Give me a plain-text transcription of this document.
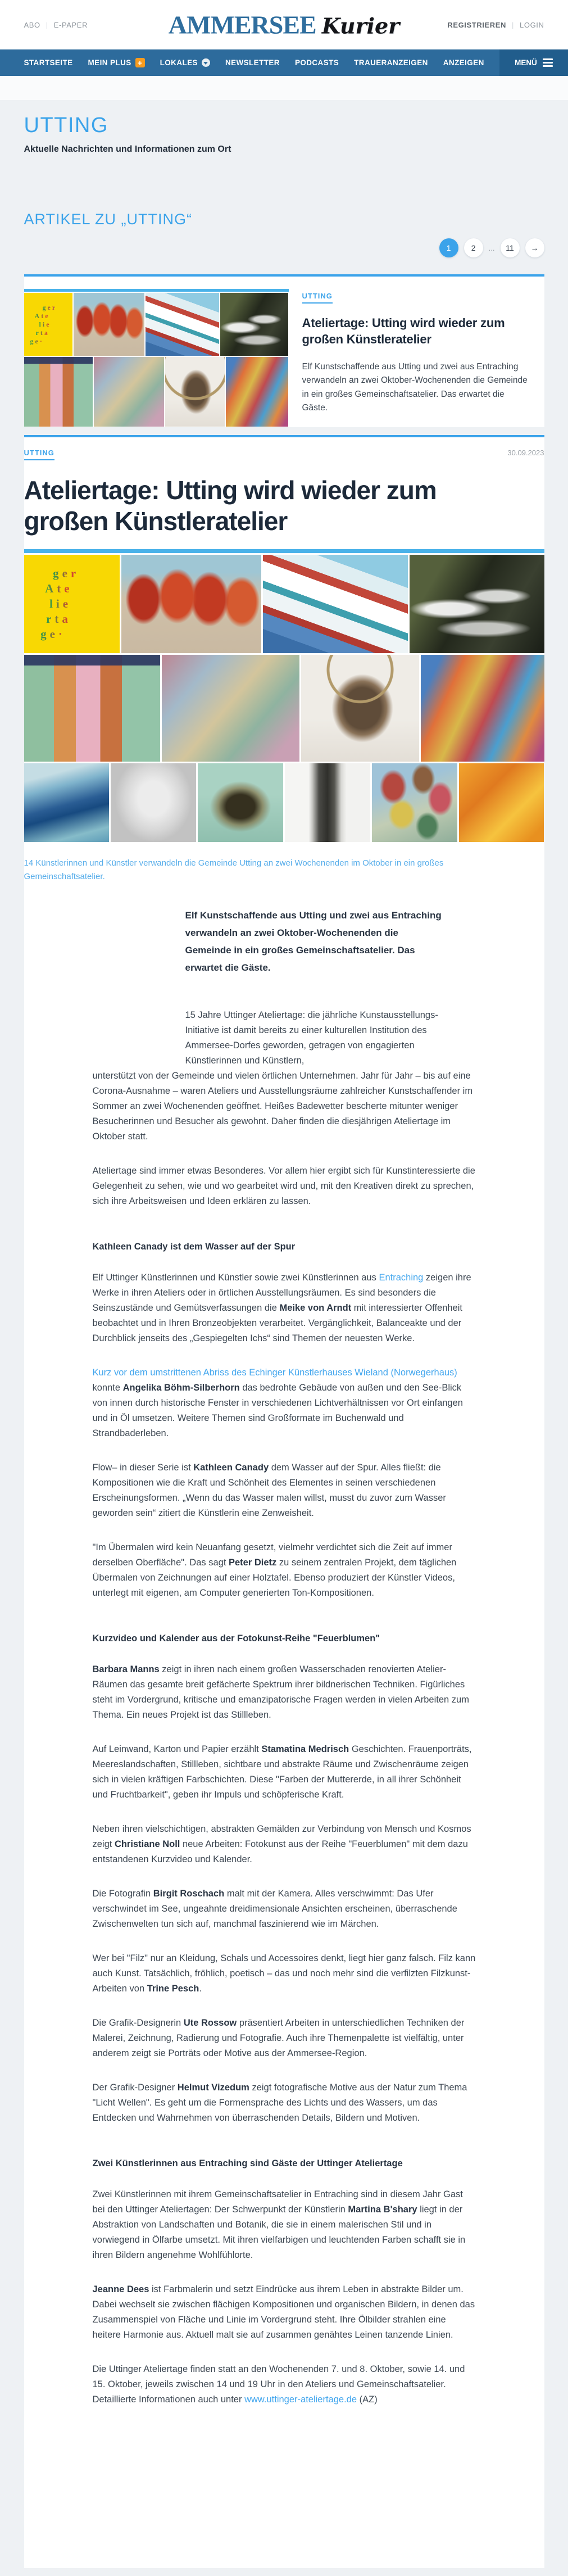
ABO | E-PAPER	AMMERSEE Kurier	REGISTRIEREN | LOGIN
STARTSEITE MEIN PLUS +	LOKALES	NEWSLETTER PODCASTS TRAUERANZEIGEN ANZEIGEN	MENÜ
UTTING
Aktuelle Nachrichten und Informationen zum Ort
ARTIKEL ZU „UTTING“
1	2	...	11	→
ger
Ate
lie
rta
ge·
UTTING
Ateliertage: Utting wird wieder zum großen Künstleratelier

Elf Kunstschaffende aus Utting und zwei aus Entraching verwandeln an zwei Oktober-Wochenenden die Gemeinde in ein großes Gemeinschaftsatelier. Das erwartet die Gäste.

UTTING	30.09.2023
Ateliertage: Utting wird wieder zum großen Künstleratelier
ger
Ate
lie
rta
ge·

14 Künstlerinnen und Künstler verwandeln die Gemeinde Utting an zwei Wochenenden im Oktober in ein großes Gemeinschaftsatelier.

Elf Kunstschaffende aus Utting und zwei aus Entraching verwandeln an zwei Oktober-Wochenenden die Gemeinde in ein großes Gemeinschaftsatelier. Das erwartet die Gäste.

15 Jahre Uttinger Ateliertage: die jährliche Kunstausstellungs-Initiative ist damit bereits zu einer kulturellen Institution des Ammersee-Dorfes geworden, getragen von engagierten Künstlerinnen und Künstlern,

unterstützt von der Gemeinde und vielen örtlichen Unternehmen. Jahr für Jahr – bis auf eine Corona-Ausnahme – waren Ateliers und Ausstellungsräume zahlreicher Kunstschaffender im Sommer an zwei Wochenenden geöffnet. Heißes Badewetter bescherte mitunter weniger Besucherinnen und Besucher als gewohnt. Daher finden die diesjährigen Ateliertage im Oktober statt.

Ateliertage sind immer etwas Besonderes. Vor allem hier ergibt sich für Kunstinteressierte die Gelegenheit zu sehen, wie und wo gearbeitet wird und, mit den Kreativen direkt zu sprechen, sich ihre Arbeitsweisen und Ideen erklären zu lassen.

Kathleen Canady ist dem Wasser auf der Spur

Elf Uttinger Künstlerinnen und Künstler sowie zwei Künstlerinnen aus Entraching zeigen ihre Werke in ihren Ateliers oder in örtlichen Ausstellungsräumen. Es sind besonders die Seinszustände und Gemütsverfassungen die Meike von Arndt mit interessierter Offenheit beobachtet und in Ihren Bronzeobjekten verarbeitet. Vergänglichkeit, Balanceakte und der Durchblick jenseits des „Gespiegelten Ichs“ sind Themen der neuesten Werke.

Kurz vor dem umstrittenen Abriss des Echinger Künstlerhauses Wieland (Norwegerhaus) konnte Angelika Böhm-Silberhorn das bedrohte Gebäude von außen und den See-Blick von innen durch historische Fenster in verschiedenen Lichtverhältnissen vor Ort einfangen und in Öl umsetzen. Weitere Themen sind Großformate im Buchenwald und Strandbaderleben.

Flow– in dieser Serie ist Kathleen Canady dem Wasser auf der Spur. Alles fließt: die Kompositionen wie die Kraft und Schönheit des Elementes in seinen verschiedenen Erscheinungsformen. „Wenn du das Wasser malen willst, musst du zuvor zum Wasser geworden sein“ zitiert die Künstlerin eine Zenweisheit.

"Im Übermalen wird kein Neuanfang gesetzt, vielmehr verdichtet sich die Zeit auf immer derselben Oberfläche". Das sagt Peter Dietz zu seinem zentralen Projekt, dem täglichen Übermalen von Zeichnungen auf einer Holztafel. Ebenso produziert der Künstler Videos, unterlegt mit eigenen, am Computer generierten Ton-Kompositionen.

Kurzvideo und Kalender aus der Fotokunst-Reihe "Feuerblumen"

Barbara Manns zeigt in ihren nach einem großen Wasserschaden renovierten Atelier-Räumen das gesamte breit gefächerte Spektrum ihrer bildnerischen Techniken. Figürliches steht im Vordergrund, kritische und emanzipatorische Fragen werden in vielen Arbeiten zum Thema. Ein neues Projekt ist das Stillleben.

Auf Leinwand, Karton und Papier erzählt Stamatina Medrisch Geschichten. Frauenporträts, Meereslandschaften, Stillleben, sichtbare und abstrakte Räume und Zwischenräume zeigen sich in vielen kräftigen Farbschichten. Diese "Farben der Muttererde, in all ihrer Schönheit und Fruchtbarkeit", geben ihr Impuls und schöpferische Kraft.

Neben ihren vielschichtigen, abstrakten Gemälden zur Verbindung von Mensch und Kosmos zeigt Christiane Noll neue Arbeiten: Fotokunst aus der Reihe "Feuerblumen" mit dem dazu entstandenen Kurzvideo und Kalender.

Die Fotografin Birgit Roschach malt mit der Kamera. Alles verschwimmt: Das Ufer verschwindet im See, ungeahnte dreidimensionale Ansichten erscheinen, überraschende Zwischenwelten tun sich auf, manchmal faszinierend wie im Märchen.

Wer bei "Filz" nur an Kleidung, Schals und Accessoires denkt, liegt hier ganz falsch. Filz kann auch Kunst. Tatsächlich, fröhlich, poetisch – das und noch mehr sind die verfilzten Filzkunst-Arbeiten von Trine Pesch.

Die Grafik-Designerin Ute Rossow präsentiert Arbeiten in unterschiedlichen Techniken der Malerei, Zeichnung, Radierung und Fotografie. Auch ihre Themenpalette ist vielfältig, unter anderem zeigt sie Porträts oder Motive aus der Ammersee-Region.

Der Grafik-Designer Helmut Vizedum zeigt fotografische Motive aus der Natur zum Thema "Licht Wellen". Es geht um die Formensprache des Lichts und des Wassers, um das Entdecken und Wahrnehmen von überraschenden Details, Bildern und Motiven.

Zwei Künstlerinnen aus Entraching sind Gäste der Uttinger Ateliertage

Zwei Künstlerinnen mit ihrem Gemeinschaftsatelier in Entraching sind in diesem Jahr Gast bei den Uttinger Ateliertagen: Der Schwerpunkt der Künstlerin Martina B'shary liegt in der Abstraktion von Landschaften und Botanik, die sie in einem malerischen Stil und in vorwiegend in Ölfarbe umsetzt. Mit ihren vielfarbigen und leuchtenden Farben schafft sie in ihren Bildern angenehme Wohlfühlorte.

Jeanne Dees ist Farbmalerin und setzt Eindrücke aus ihrem Leben in abstrakte Bilder um. Dabei wechselt sie zwischen flächigen Kompositionen und organischen Bildern, in denen das Zusammenspiel von Fläche und Linie im Vordergrund steht. Ihre Ölbilder strahlen eine heitere Harmonie aus. Aktuell malt sie auf zusammen genähtes Leinen tanzende Linien.

Die Uttinger Ateliertage finden statt an den Wochenenden 7. und 8. Oktober, sowie 14. und 15. Oktober, jeweils zwischen 14 und 19 Uhr in den Ateliers und Gemeinschaftsatelier. Detaillierte Informationen auch unter www.uttinger-ateliertage.de (AZ)
